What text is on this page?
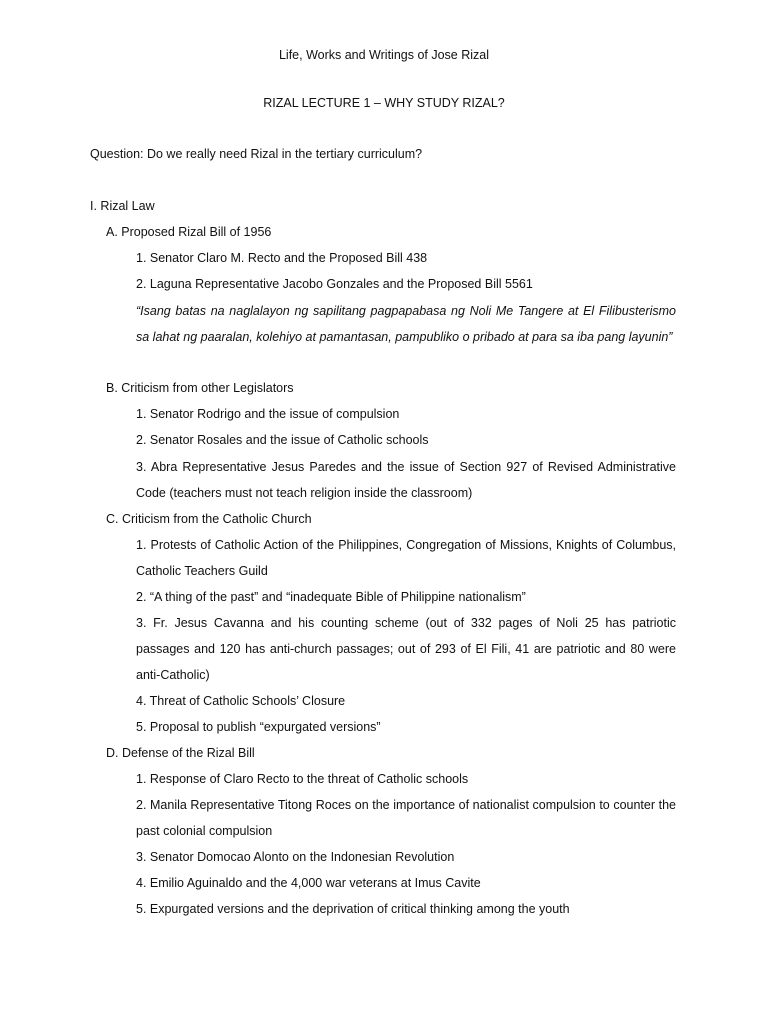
Life, Works and Writings of Jose Rizal
RIZAL LECTURE 1 – WHY STUDY RIZAL?
Question: Do we really need Rizal in the tertiary curriculum?
I. Rizal Law
A. Proposed Rizal Bill of 1956
1. Senator Claro M. Recto and the Proposed Bill 438
2. Laguna Representative Jacobo Gonzales and the Proposed Bill 5561
“Isang batas na naglalayon ng sapilitang pagpapabasa ng Noli Me Tangere at El Filibusterismo sa lahat ng paaralan, kolehiyo at pamantasan, pampubliko o pribado at para sa iba pang layunin”
B. Criticism from other Legislators
1. Senator Rodrigo and the issue of compulsion
2. Senator Rosales and the issue of Catholic schools
3. Abra Representative Jesus Paredes and the issue of Section 927 of Revised Administrative Code (teachers must not teach religion inside the classroom)
C. Criticism from the Catholic Church
1. Protests of Catholic Action of the Philippines, Congregation of Missions, Knights of Columbus, Catholic Teachers Guild
2. “A thing of the past” and “inadequate Bible of Philippine nationalism”
3. Fr. Jesus Cavanna and his counting scheme (out of 332 pages of Noli 25 has patriotic passages and 120 has anti-church passages; out of 293 of El Fili, 41 are patriotic and 80 were anti-Catholic)
4. Threat of Catholic Schools’ Closure
5. Proposal to publish “expurgated versions”
D. Defense of the Rizal Bill
1. Response of Claro Recto to the threat of Catholic schools
2. Manila Representative Titong Roces on the importance of nationalist compulsion to counter the past colonial compulsion
3. Senator Domocao Alonto on the Indonesian Revolution
4. Emilio Aguinaldo and the 4,000 war veterans at Imus Cavite
5. Expurgated versions and the deprivation of critical thinking among the youth
